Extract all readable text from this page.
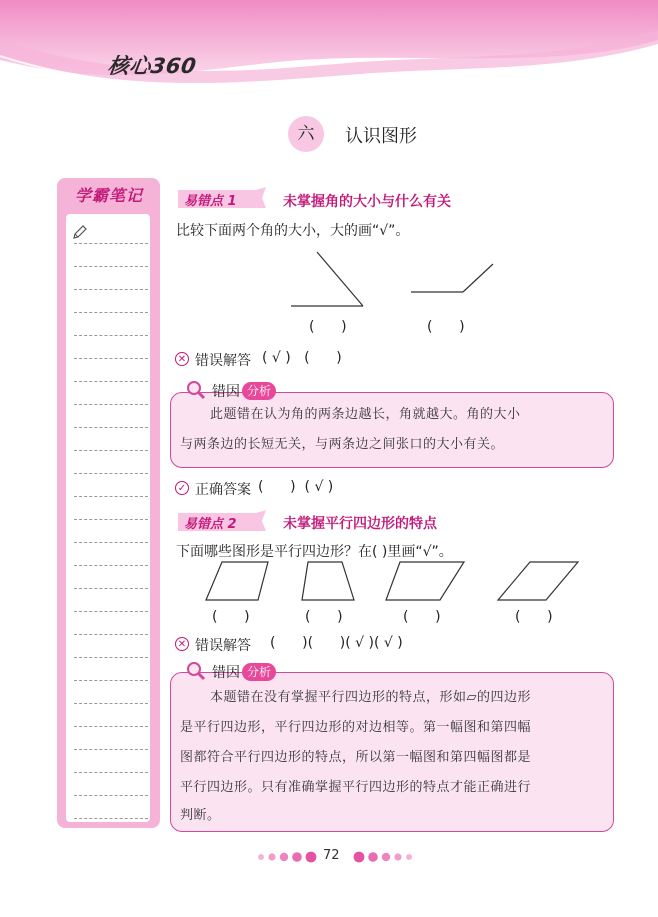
核心360
六	认识图形
学霸笔记	易错点 1	未掌握角的大小与什么有关
比较下面两个角的大小，大的画“√”。
(      )	(      )
✕ 错误解答 ( √ )   (      )
错因 分析
此题错在认为角的两条边越长，角就越大。角的大小
与两条边的长短无关，与两条边之间张口的大小有关。
✓ 正确答案 (      )  ( √ )
易错点 2	未掌握平行四边形的特点
下面哪些图形是平行四边形？在( )里画“√”。
(      )	(      )	(      )	(      )
✕ 错误解答 (      )(      )( √ )( √ )
错因 分析
本题错在没有掌握平行四边形的特点，形如▱的四边形
是平行四边形，平行四边形的对边相等。第一幅图和第四幅
图都符合平行四边形的特点，所以第一幅图和第四幅图都是
平行四边形。只有准确掌握平行四边形的特点才能正确进行
判断。
72
